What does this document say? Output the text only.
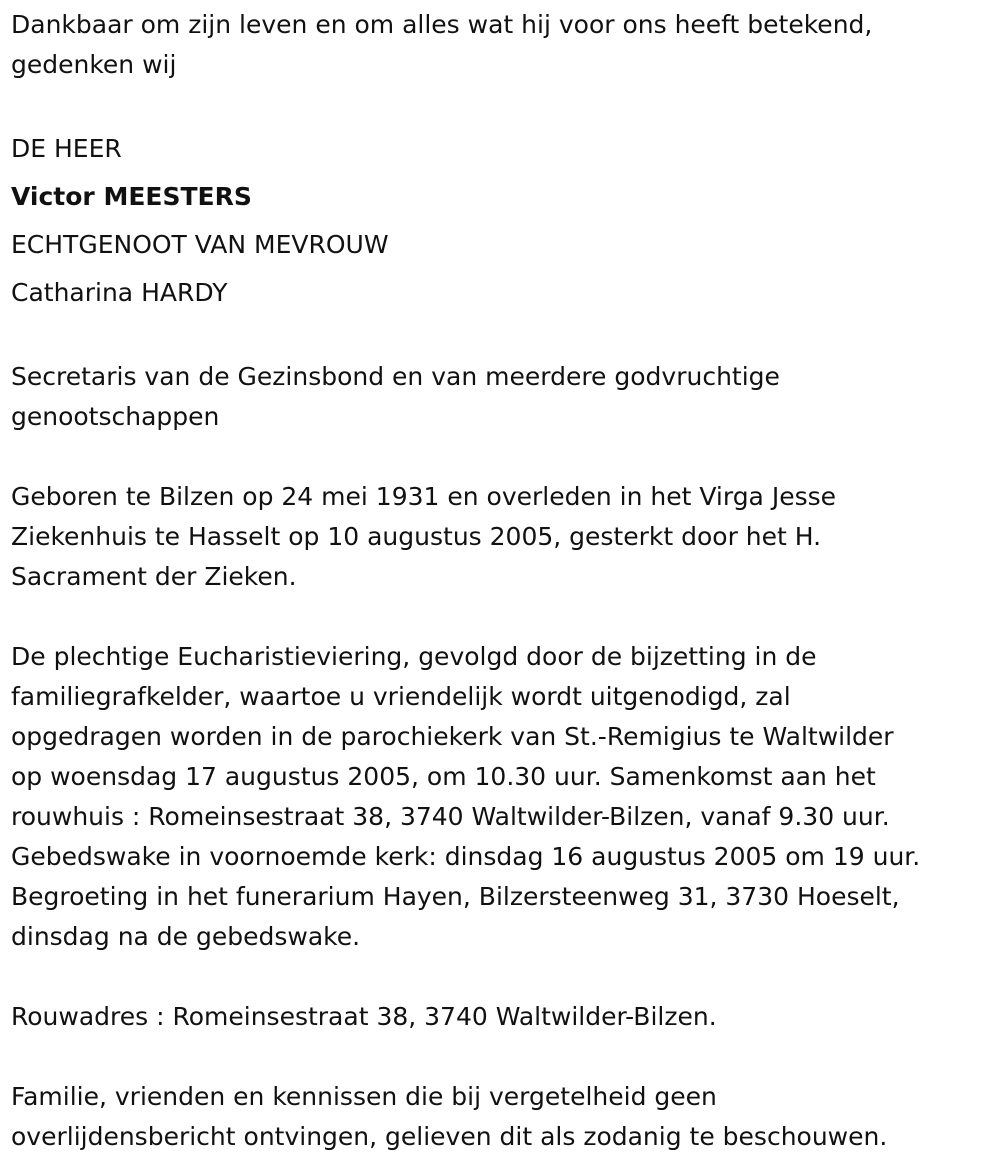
Dankbaar om zijn leven en om alles wat hij voor ons heeft betekend,
gedenken wij
DE HEER
Victor MEESTERS
ECHTGENOOT VAN MEVROUW
Catharina HARDY
Secretaris van de Gezinsbond en van meerdere godvruchtige
genootschappen
Geboren te Bilzen op 24 mei 1931 en overleden in het Virga Jesse
Ziekenhuis te Hasselt op 10 augustus 2005, gesterkt door het H.
Sacrament der Zieken.
De plechtige Eucharistieviering, gevolgd door de bijzetting in de
familiegrafkelder, waartoe u vriendelijk wordt uitgenodigd, zal
opgedragen worden in de parochiekerk van St.-Remigius te Waltwilder
op woensdag 17 augustus 2005, om 10.30 uur. Samenkomst aan het
rouwhuis : Romeinsestraat 38, 3740 Waltwilder-Bilzen, vanaf 9.30 uur.
Gebedswake in voornoemde kerk: dinsdag 16 augustus 2005 om 19 uur.
Begroeting in het funerarium Hayen, Bilzersteenweg 31, 3730 Hoeselt,
dinsdag na de gebedswake.
Rouwadres : Romeinsestraat 38, 3740 Waltwilder-Bilzen.
Familie, vrienden en kennissen die bij vergetelheid geen
overlijdensbericht ontvingen, gelieven dit als zodanig te beschouwen.
